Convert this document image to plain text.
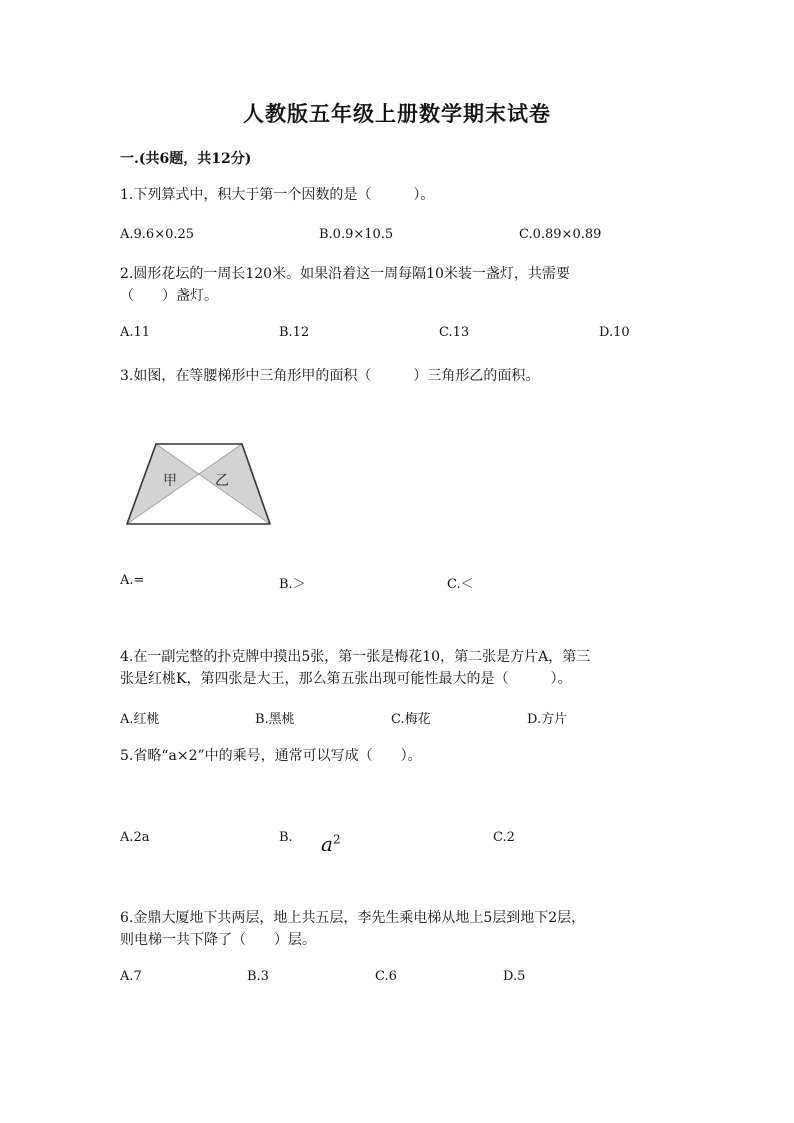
人教版五年级上册数学期末试卷
一.(共6题，共12分)
1.下列算式中，积大于第一个因数的是（　　　）。
A.9.6×0.25	B.0.9×10.5	C.0.89×0.89
2.圆形花坛的一周长120米。如果沿着这一周每隔10米装一盏灯，共需要
（　　）盏灯。
A.11	B.12	C.13	D.10
3.如图，在等腰梯形中三角形甲的面积（　　　）三角形乙的面积。
甲	乙
A.=	B.＞	C.＜
4.在一副完整的扑克牌中摸出5张，第一张是梅花10，第二张是方片A，第三
张是红桃K，第四张是大王，那么第五张出现可能性最大的是（　　　）。
A.红桃	B.黑桃	C.梅花	D.方片
5.省略“a×2”中的乘号，通常可以写成（　　）。
A.2a	B. $a^2$	C.2
6.金鼎大厦地下共两层，地上共五层，李先生乘电梯从地上5层到地下2层，
则电梯一共下降了（　　）层。
A.7	B.3	C.6	D.5
